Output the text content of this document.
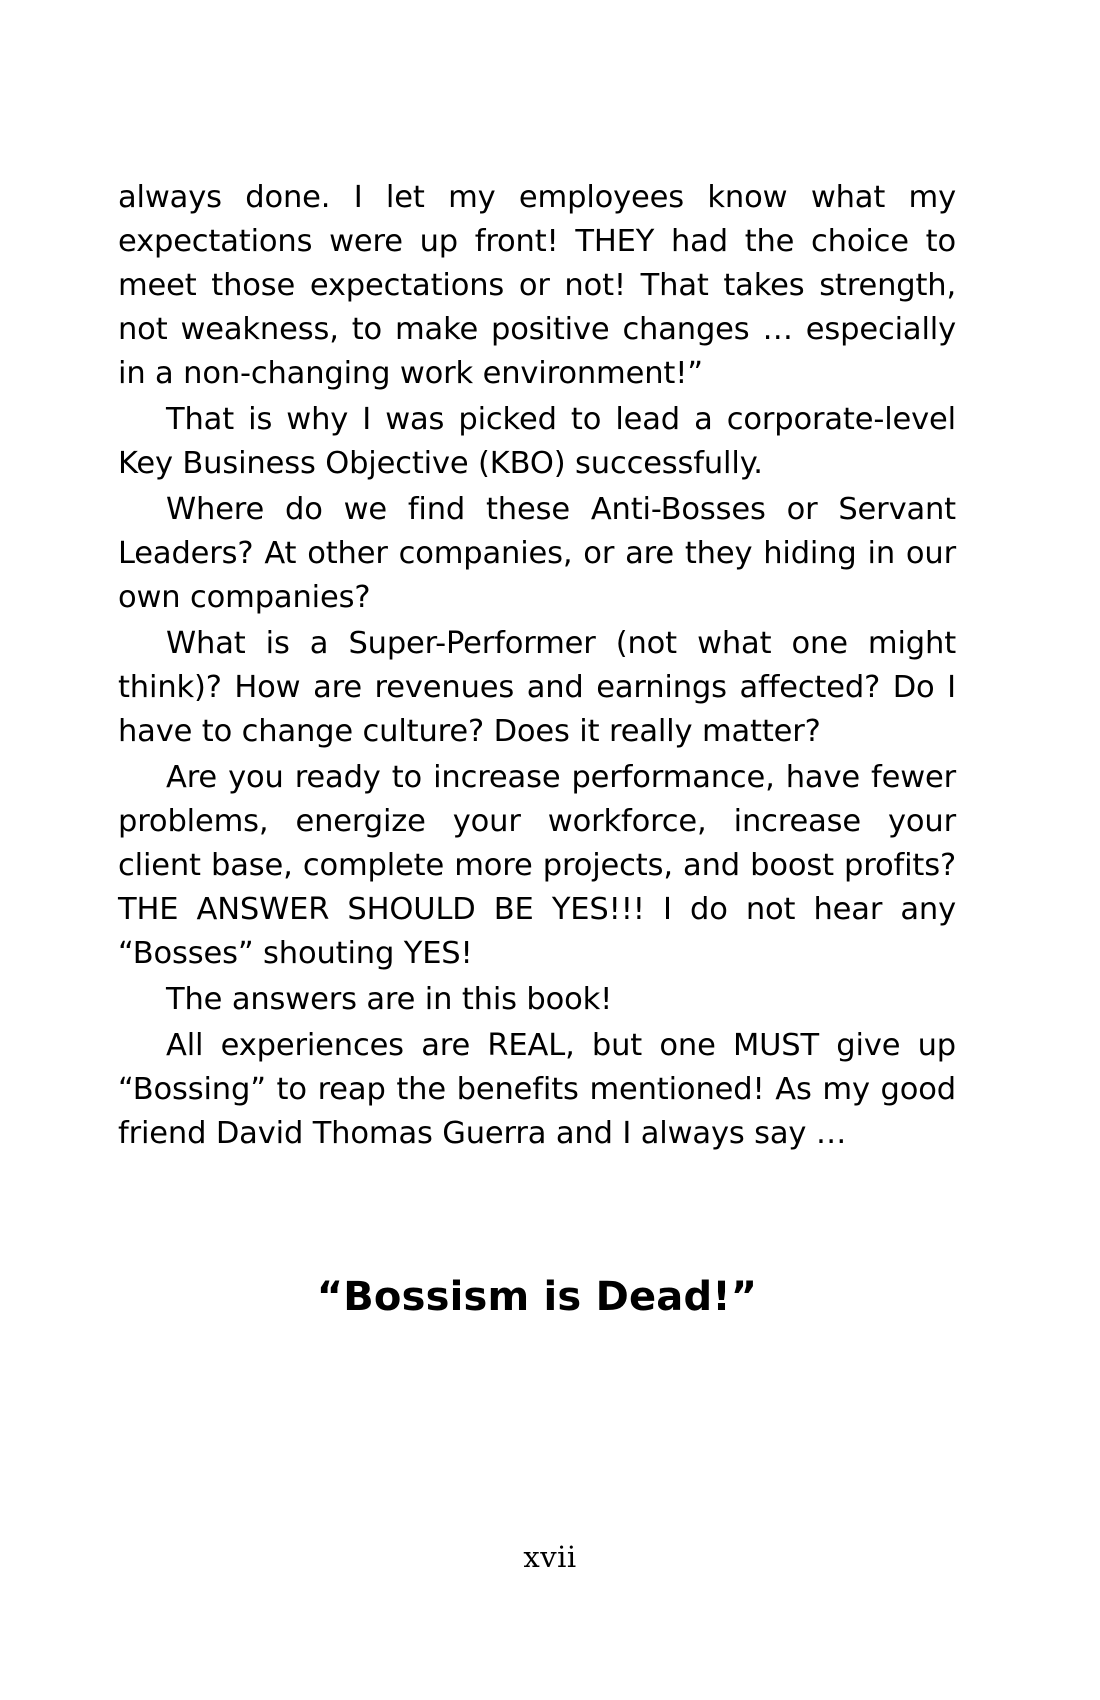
always done. I let my employees know what my expectations were up front! THEY had the choice to meet those expectations or not! That takes strength, not weakness, to make positive changes … especially in a non-changing work environment!”

That is why I was picked to lead a corporate-level Key Business Objective (KBO) successfully.

Where do we find these Anti-Bosses or Servant Leaders? At other companies, or are they hiding in our own companies?

What is a Super-Performer (not what one might think)? How are revenues and earnings affected? Do I have to change culture? Does it really matter?

Are you ready to increase performance, have fewer problems, energize your workforce, increase your client base, complete more projects, and boost profits? THE ANSWER SHOULD BE YES!!! I do not hear any “Bosses” shouting YES!

The answers are in this book!

All experiences are REAL, but one MUST give up “Bossing” to reap the benefits mentioned! As my good friend David Thomas Guerra and I always say …

“Bossism is Dead!”
xvii
